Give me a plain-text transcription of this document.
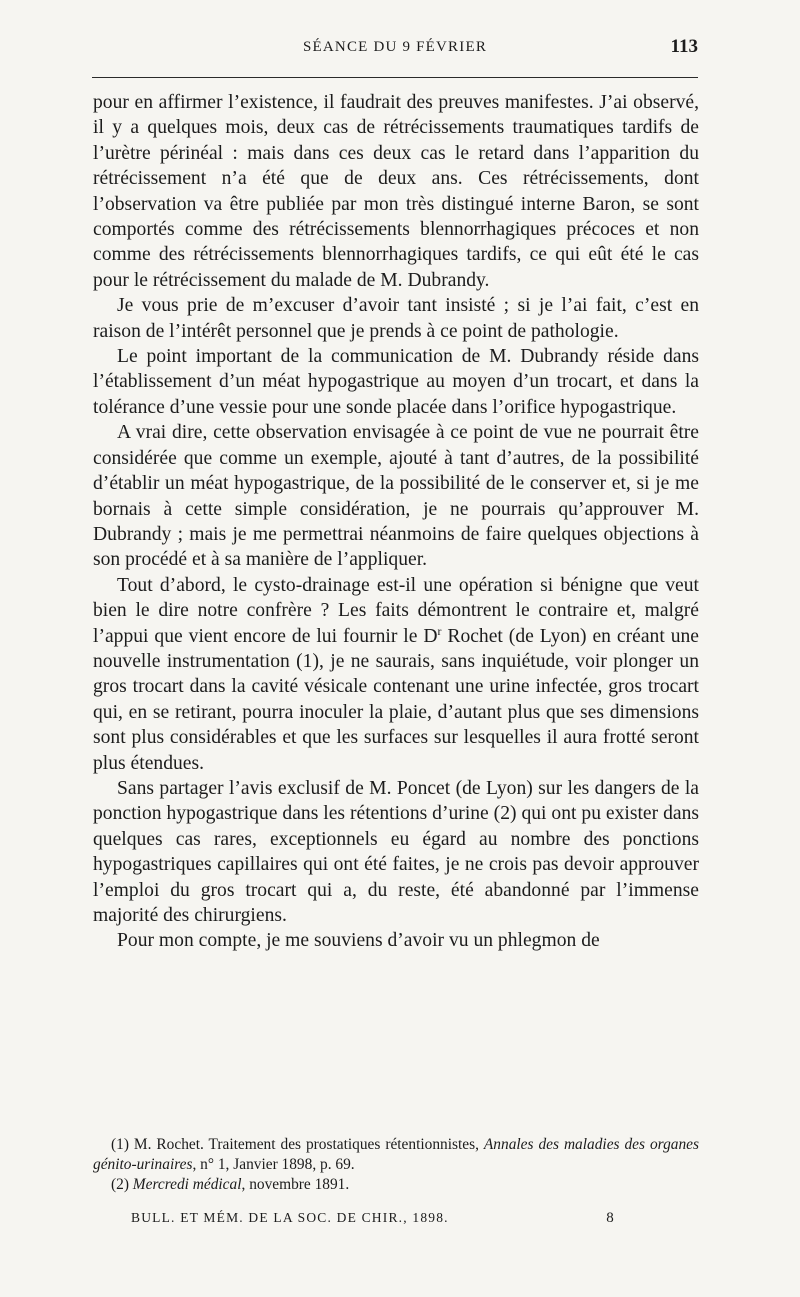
SÉANCE DU 9 FÉVRIER	113

pour en affirmer l’existence, il faudrait des preuves manifestes. J’ai observé, il y a quelques mois, deux cas de rétrécissements traumatiques tardifs de l’urètre périnéal : mais dans ces deux cas le retard dans l’apparition du rétrécissement n’a été que de deux ans. Ces rétrécissements, dont l’observation va être publiée par mon très distingué interne Baron, se sont comportés comme des rétrécissements blennorrhagiques précoces et non comme des rétrécissements blennorrhagiques tardifs, ce qui eût été le cas pour le rétrécissement du malade de M. Dubrandy.

Je vous prie de m’excuser d’avoir tant insisté ; si je l’ai fait, c’est en raison de l’intérêt personnel que je prends à ce point de pathologie.

Le point important de la communication de M. Dubrandy réside dans l’établissement d’un méat hypogastrique au moyen d’un trocart, et dans la tolérance d’une vessie pour une sonde placée dans l’orifice hypogastrique.

A vrai dire, cette observation envisagée à ce point de vue ne pourrait être considérée que comme un exemple, ajouté à tant d’autres, de la possibilité d’établir un méat hypogastrique, de la possibilité de le conserver et, si je me bornais à cette simple considération, je ne pourrais qu’approuver M. Dubrandy ; mais je me permettrai néanmoins de faire quelques objections à son procédé et à sa manière de l’appliquer.

Tout d’abord, le cysto-drainage est-il une opération si bénigne que veut bien le dire notre confrère ? Les faits démontrent le contraire et, malgré l’appui que vient encore de lui fournir le $D^r$ Rochet (de Lyon) en créant une nouvelle instrumentation (1), je ne saurais, sans inquiétude, voir plonger un gros trocart dans la cavité vésicale contenant une urine infectée, gros trocart qui, en se retirant, pourra inoculer la plaie, d’autant plus que ses dimensions sont plus considérables et que les surfaces sur lesquelles il aura frotté seront plus étendues.

Sans partager l’avis exclusif de M. Poncet (de Lyon) sur les dangers de la ponction hypogastrique dans les rétentions d’urine (2) qui ont pu exister dans quelques cas rares, exceptionnels eu égard au nombre des ponctions hypogastriques capillaires qui ont été faites, je ne crois pas devoir approuver l’emploi du gros trocart qui a, du reste, été abandonné par l’immense majorité des chirurgiens.

Pour mon compte, je me souviens d’avoir vu un phlegmon de

(1) M. Rochet. Traitement des prostatiques rétentionnistes, Annales des maladies des organes génito-urinaires, n° 1, Janvier 1898, p. 69.

(2) Mercredi médical, novembre 1891.

BULL. ET MÉM. DE LA SOC. DE CHIR., 1898.	8
